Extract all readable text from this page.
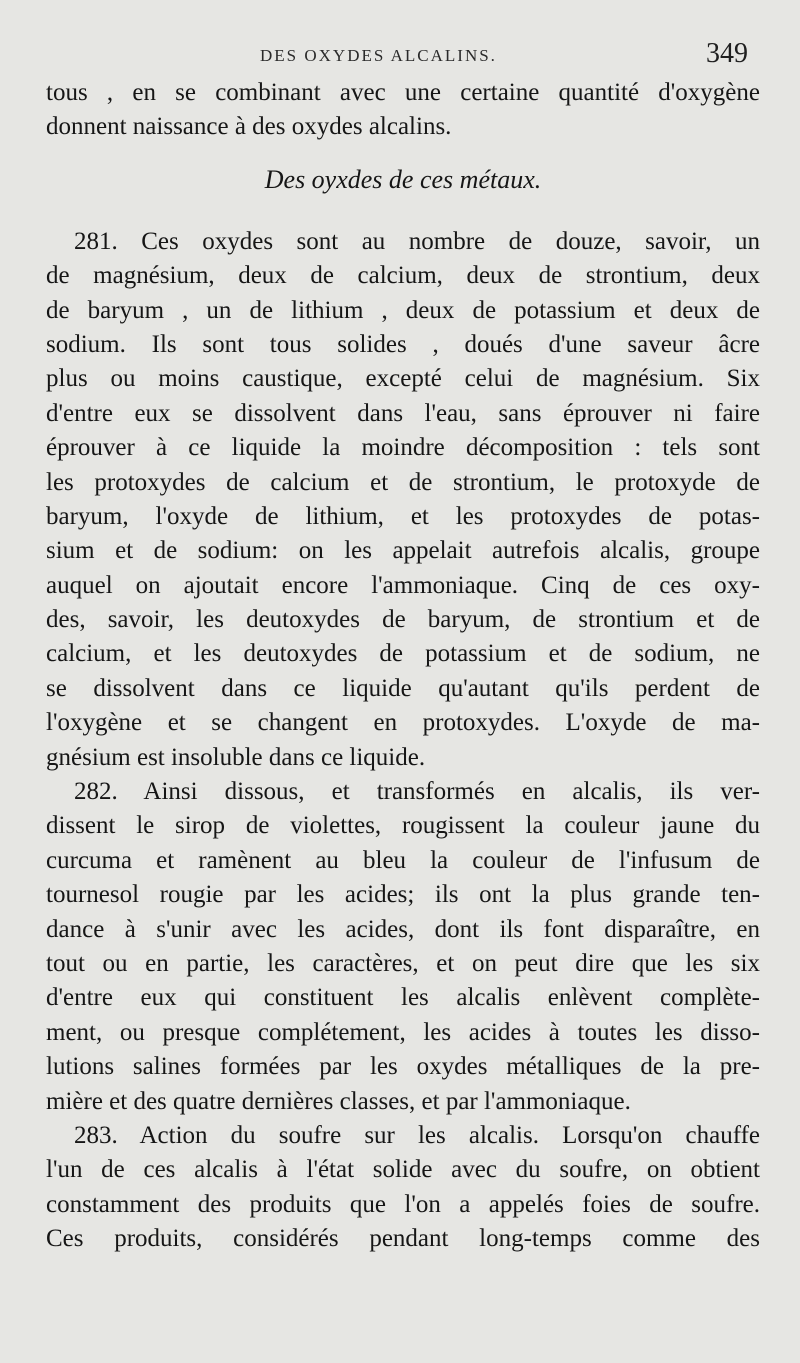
DES OXYDES ALCALINS.	349
tous , en se combinant avec une certaine quantité d'oxygène
donnent naissance à des oxydes alcalins.
Des oyxdes de ces métaux.
281. Ces oxydes sont au nombre de douze, savoir, un
de magnésium, deux de calcium, deux de strontium, deux
de baryum , un de lithium , deux de potassium et deux de
sodium. Ils sont tous solides , doués d'une saveur âcre
plus ou moins caustique, excepté celui de magnésium. Six
d'entre eux se dissolvent dans l'eau, sans éprouver ni faire
éprouver à ce liquide la moindre décomposition : tels sont
les protoxydes de calcium et de strontium, le protoxyde de
baryum, l'oxyde de lithium, et les protoxydes de potas-
sium et de sodium: on les appelait autrefois alcalis, groupe
auquel on ajoutait encore l'ammoniaque. Cinq de ces oxy-
des, savoir, les deutoxydes de baryum, de strontium et de
calcium, et les deutoxydes de potassium et de sodium, ne
se dissolvent dans ce liquide qu'autant qu'ils perdent de
l'oxygène et se changent en protoxydes. L'oxyde de ma-
gnésium est insoluble dans ce liquide.
282. Ainsi dissous, et transformés en alcalis, ils ver-
dissent le sirop de violettes, rougissent la couleur jaune du
curcuma et ramènent au bleu la couleur de l'infusum de
tournesol rougie par les acides; ils ont la plus grande ten-
dance à s'unir avec les acides, dont ils font disparaître, en
tout ou en partie, les caractères, et on peut dire que les six
d'entre eux qui constituent les alcalis enlèvent complète-
ment, ou presque complétement, les acides à toutes les disso-
lutions salines formées par les oxydes métalliques de la pre-
mière et des quatre dernières classes, et par l'ammoniaque.
283. Action du soufre sur les alcalis. Lorsqu'on chauffe
l'un de ces alcalis à l'état solide avec du soufre, on obtient
constamment des produits que l'on a appelés foies de soufre.
Ces produits, considérés pendant long-temps comme des
